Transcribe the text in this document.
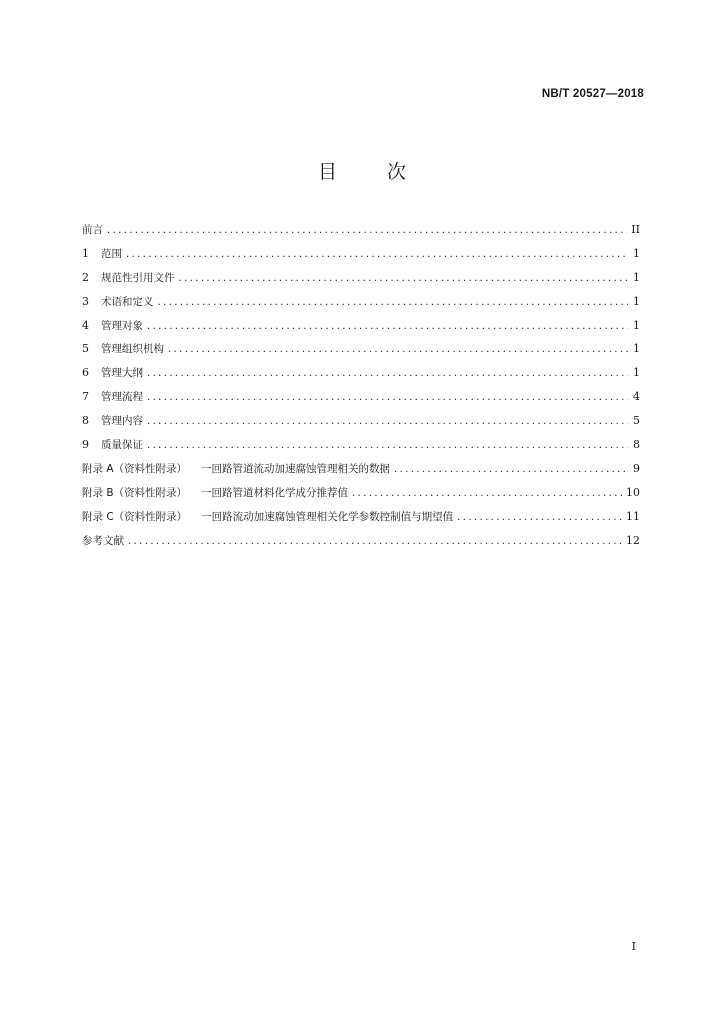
NB/T 20527—2018
目 次
前言 .....	II
1	范围 .....	1
2	规范性引用文件 .....	1
3	术语和定义 .....	1
4	管理对象 .....	1
5	管理组织机构 .....	1
6	管理大纲 .....	1
7	管理流程 .....	4
8	管理内容 .....	5
9	质量保证 .....	8
附录 A（资料性附录） 一回路管道流动加速腐蚀管理相关的数据 .....	9
附录 B（资料性附录） 一回路管道材料化学成分推荐值 .....	10
附录 C（资料性附录） 一回路流动加速腐蚀管理相关化学参数控制值与期望值 .....	11
参考文献 .....	12
I
